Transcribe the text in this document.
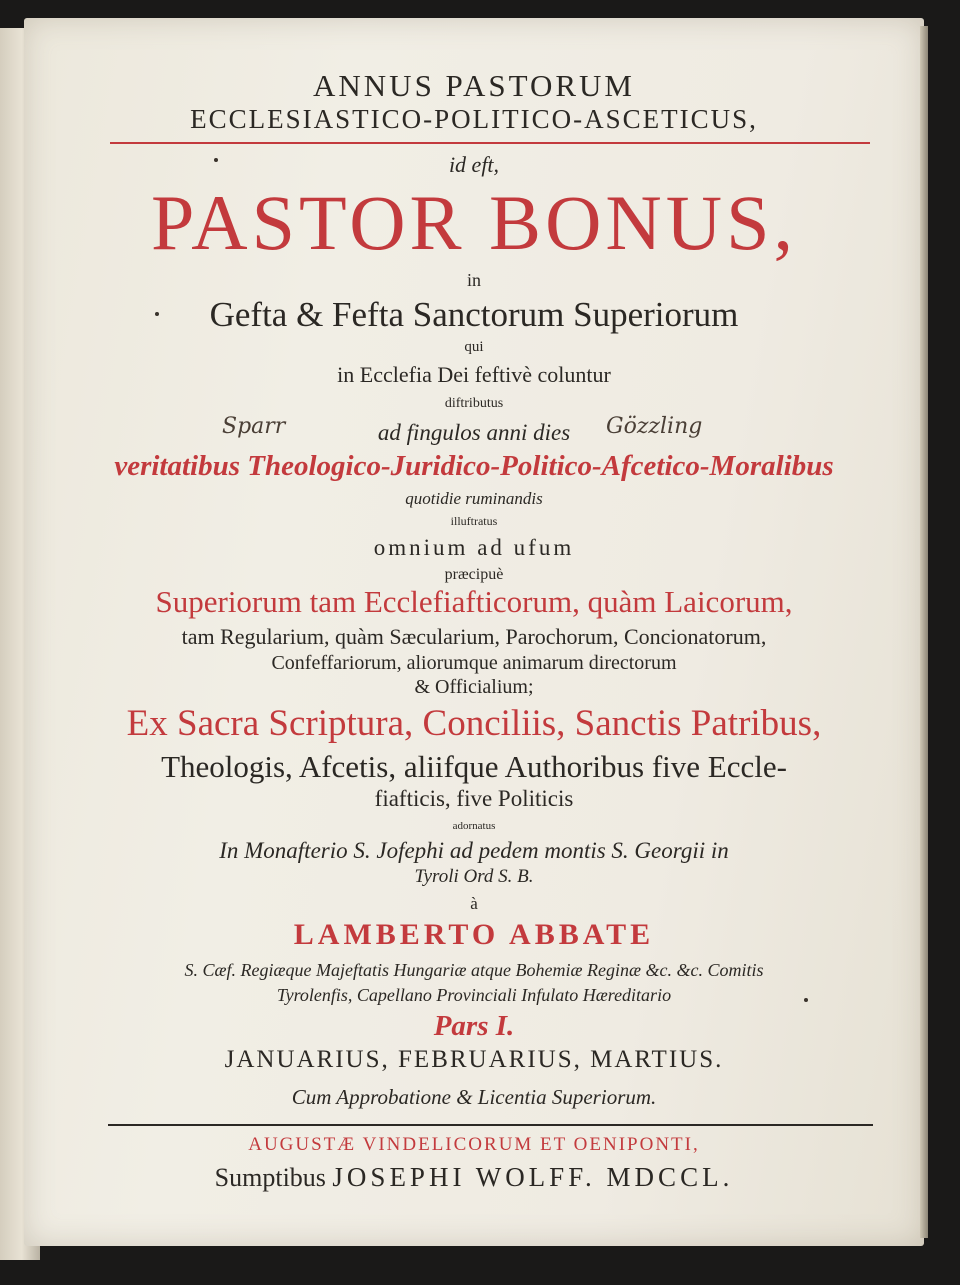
ANNUS PASTORUM
ECCLESIASTICO-POLITICO-ASCETICUS,
id eft,
PASTOR BONUS,
in
Gefta & Fefta Sanctorum Superiorum
qui
in Ecclefia Dei feftivè coluntur
diftributus
ad fingulos anni dies
Sparr	Gözzling
veritatibus Theologico-Juridico-Politico-Afcetico-Moralibus
quotidie ruminandis
illuftratus
omnium ad ufum
præcipuè
Superiorum tam Ecclefiafticorum, quàm Laicorum,
tam Regularium, quàm Sæcularium, Parochorum, Concionatorum,
Confeffariorum, aliorumque animarum directorum
& Officialium;
Ex Sacra Scriptura, Conciliis, Sanctis Patribus,
Theologis, Afcetis, aliifque Authoribus five Eccle-
fiafticis, five Politicis
adornatus
In Monafterio S. Jofephi ad pedem montis S. Georgii in
Tyroli Ord S. B.
à
LAMBERTO ABBATE
S. Cæf. Regiæque Majeftatis Hungariæ atque Bohemiæ Reginæ &c. &c. Comitis
Tyrolenfis, Capellano Provinciali Infulato Hæreditario
Pars I.
JANUARIUS, FEBRUARIUS, MARTIUS.
Cum Approbatione & Licentia Superiorum.
AUGUSTÆ VINDELICORUM ET OENIPONTI,
Sumptibus JOSEPHI WOLFF. MDCCL.
